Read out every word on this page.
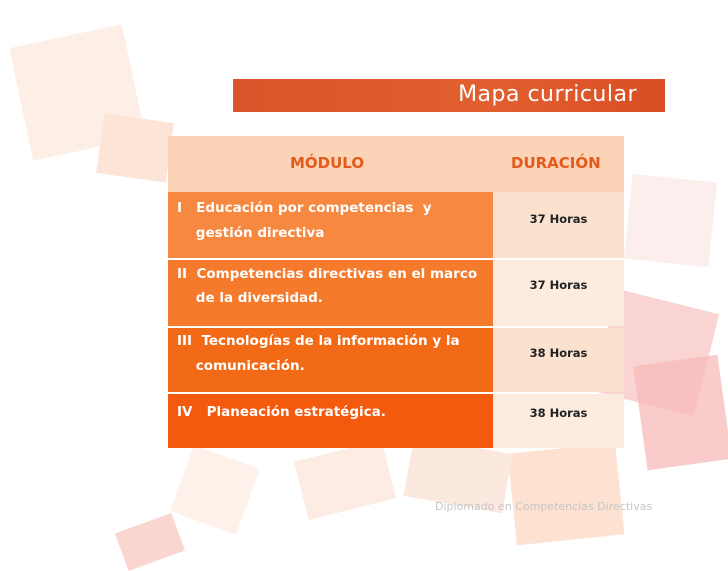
Mapa curricular
MÓDULO	DURACIÓN
I   Educación por competencias  y
gestión directiva
37 Horas
II  Competencias directivas en el marco
de la diversidad.
37 Horas
III  Tecnologías de la información y la
comunicación.
38 Horas
IV   Planeación estratégica.	38 Horas
Diplomado en Competencias Directivas
